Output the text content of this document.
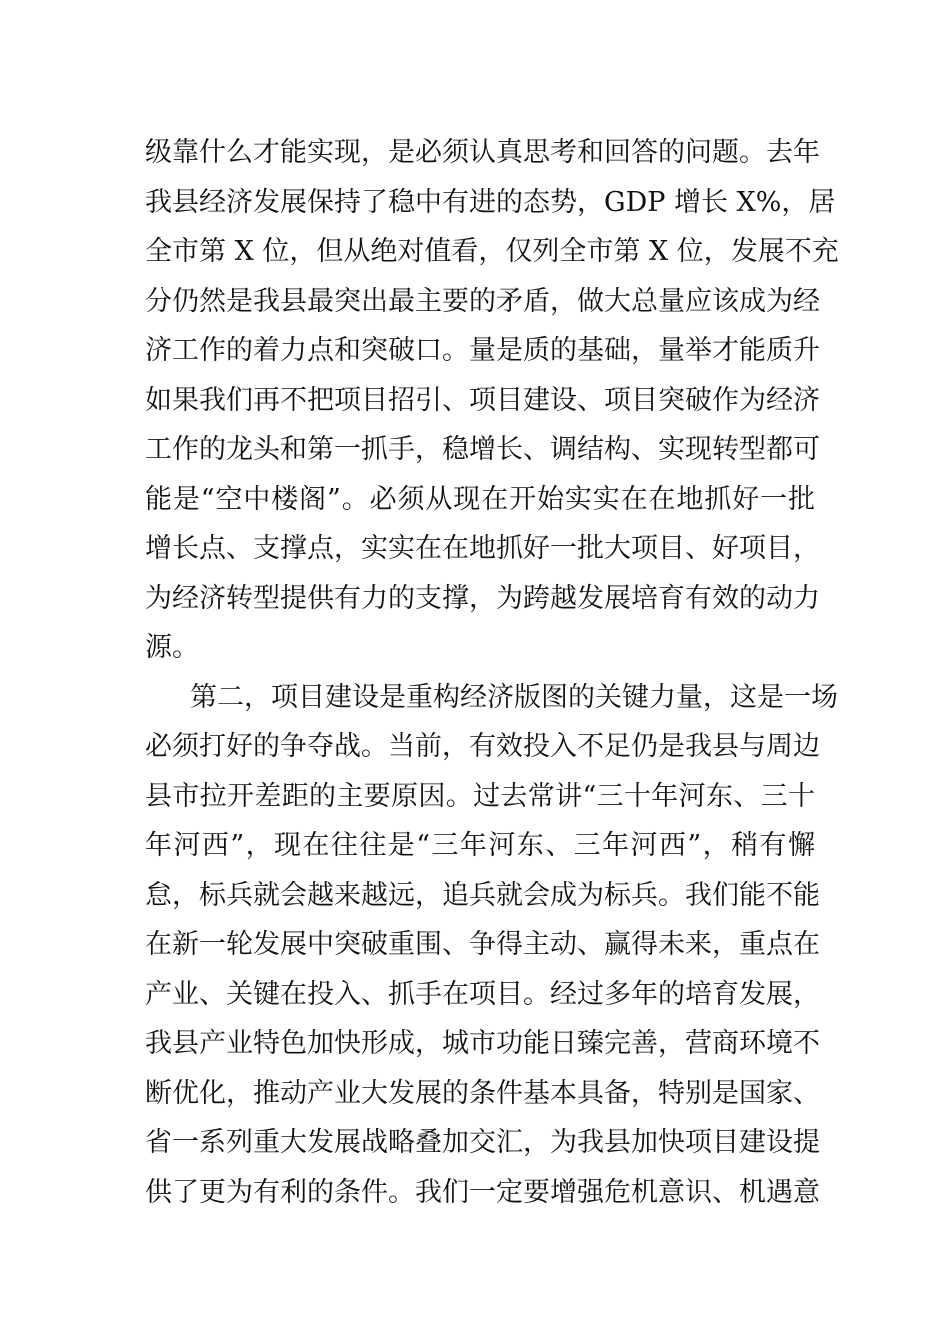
级靠什么才能实现，是必须认真思考和回答的问题。去年
我县经济发展保持了稳中有进的态势，GDP 增长 X%，居
全市第 X 位，但从绝对值看，仅列全市第 X 位，发展不充
分仍然是我县最突出最主要的矛盾，做大总量应该成为经
济工作的着力点和突破口。量是质的基础，量举才能质升
如果我们再不把项目招引、项目建设、项目突破作为经济
工作的龙头和第一抓手，稳增长、调结构、实现转型都可
能是“空中楼阁”。必须从现在开始实实在在地抓好一批
增长点、支撑点，实实在在地抓好一批大项目、好项目，
为经济转型提供有力的支撑，为跨越发展培育有效的动力
源。
第二，项目建设是重构经济版图的关键力量，这是一场
必须打好的争夺战。当前，有效投入不足仍是我县与周边
县市拉开差距的主要原因。过去常讲“三十年河东、三十
年河西”，现在往往是“三年河东、三年河西”，稍有懈
怠，标兵就会越来越远，追兵就会成为标兵。我们能不能
在新一轮发展中突破重围、争得主动、赢得未来，重点在
产业、关键在投入、抓手在项目。经过多年的培育发展，
我县产业特色加快形成，城市功能日臻完善，营商环境不
断优化，推动产业大发展的条件基本具备，特别是国家、
省一系列重大发展战略叠加交汇，为我县加快项目建设提
供了更为有利的条件。我们一定要增强危机意识、机遇意
